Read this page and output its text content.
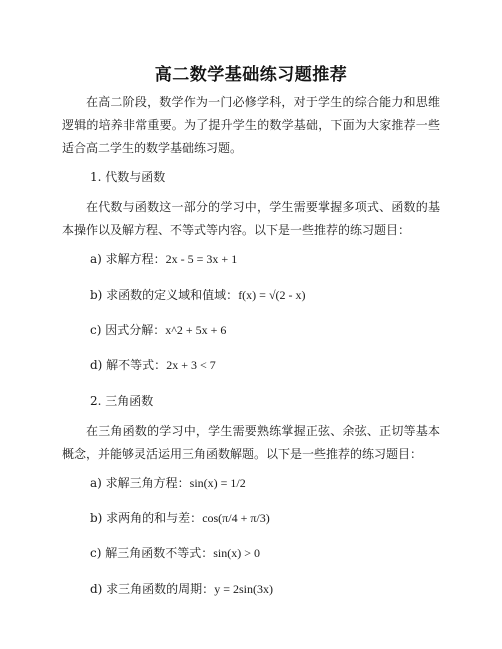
高二数学基础练习题推荐

在高二阶段，数学作为一门必修学科，对于学生的综合能力和思维逻辑的培养非常重要。为了提升学生的数学基础，下面为大家推荐一些适合高二学生的数学基础练习题。

1. 代数与函数

在代数与函数这一部分的学习中，学生需要掌握多项式、函数的基本操作以及解方程、不等式等内容。以下是一些推荐的练习题目：

a) 求解方程：2x - 5 = 3x + 1

b) 求函数的定义域和值域：f(x) = √(2 - x)

c) 因式分解：x^2 + 5x + 6

d) 解不等式：2x + 3 < 7

2. 三角函数

在三角函数的学习中，学生需要熟练掌握正弦、余弦、正切等基本概念，并能够灵活运用三角函数解题。以下是一些推荐的练习题目：

a) 求解三角方程：sin(x) = 1/2

b) 求两角的和与差：cos(π/4 + π/3)

c) 解三角函数不等式：sin(x) > 0

d) 求三角函数的周期：y = 2sin(3x)
